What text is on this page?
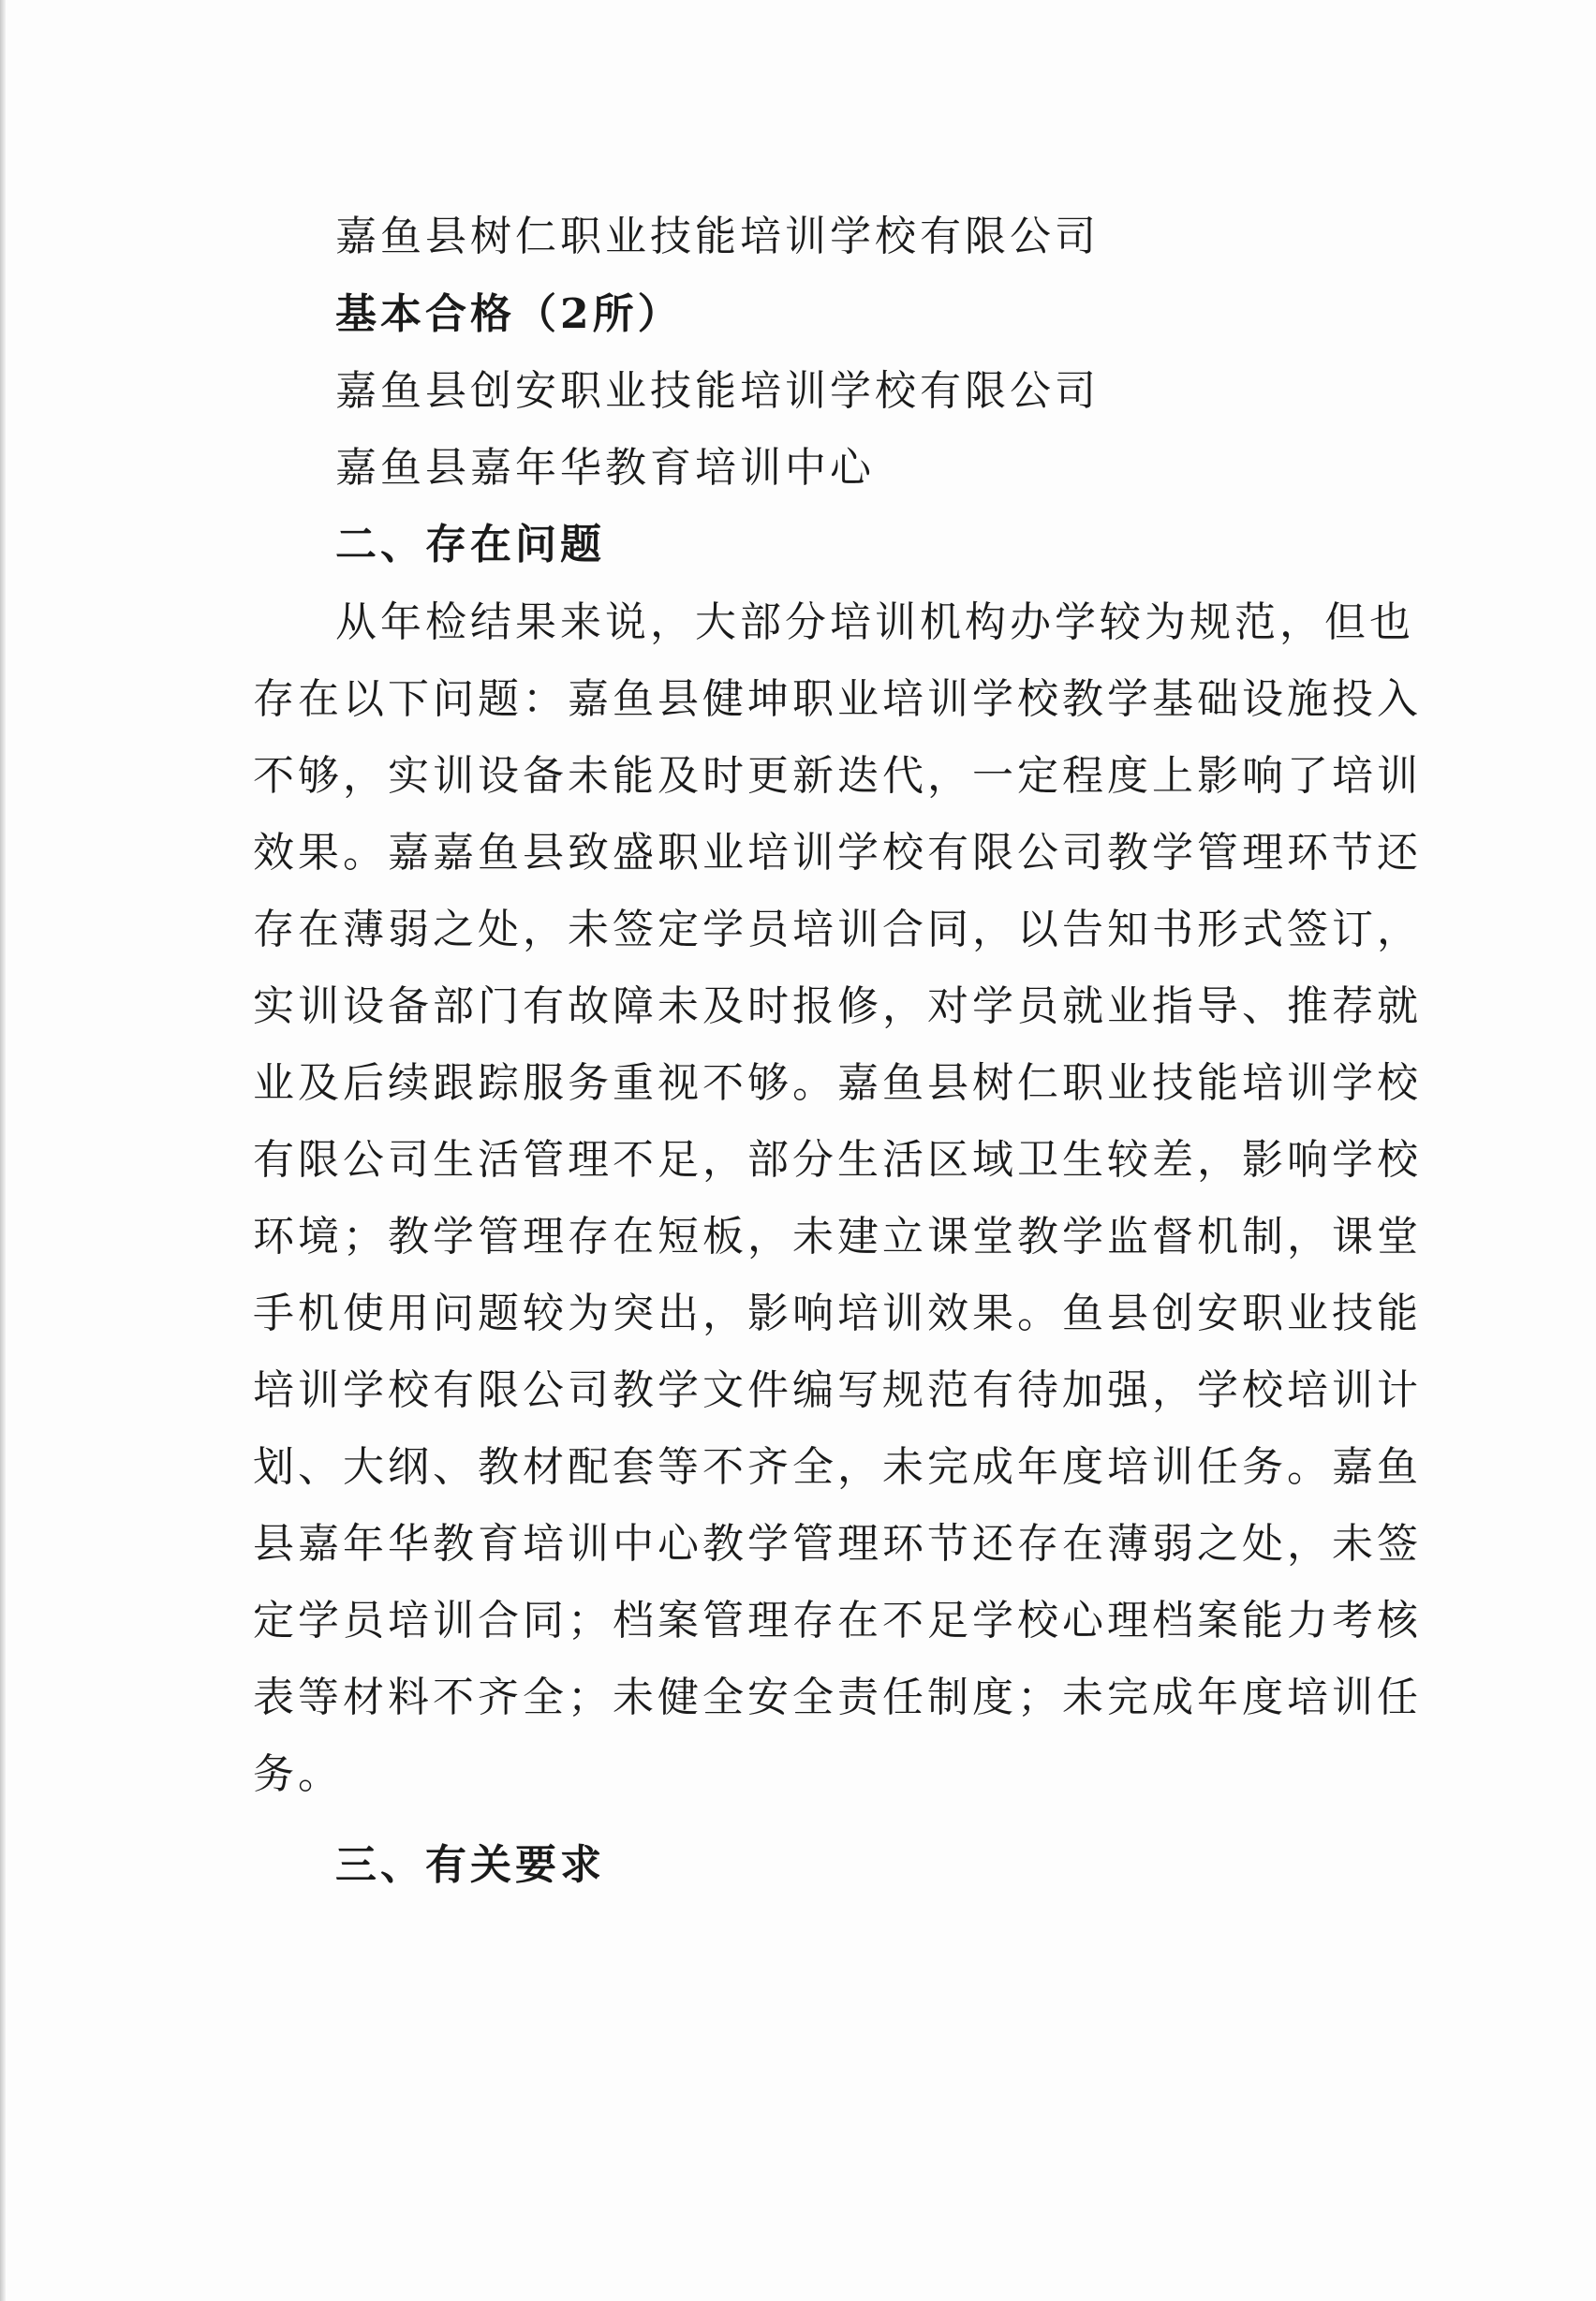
嘉鱼县树仁职业技能培训学校有限公司
基本合格（2所）
嘉鱼县创安职业技能培训学校有限公司
嘉鱼县嘉年华教育培训中心
二、存在问题
从年检结果来说，大部分培训机构办学较为规范，但也
存在以下问题：嘉鱼县健坤职业培训学校教学基础设施投入
不够，实训设备未能及时更新迭代，一定程度上影响了培训
效果。嘉嘉鱼县致盛职业培训学校有限公司教学管理环节还
存在薄弱之处，未签定学员培训合同，以告知书形式签订，
实训设备部门有故障未及时报修，对学员就业指导、推荐就
业及后续跟踪服务重视不够。嘉鱼县树仁职业技能培训学校
有限公司生活管理不足，部分生活区域卫生较差，影响学校
环境；教学管理存在短板，未建立课堂教学监督机制，课堂
手机使用问题较为突出，影响培训效果。鱼县创安职业技能
培训学校有限公司教学文件编写规范有待加强，学校培训计
划、大纲、教材配套等不齐全，未完成年度培训任务。嘉鱼
县嘉年华教育培训中心教学管理环节还存在薄弱之处，未签
定学员培训合同；档案管理存在不足学校心理档案能力考核
表等材料不齐全；未健全安全责任制度；未完成年度培训任
务。
三、有关要求
